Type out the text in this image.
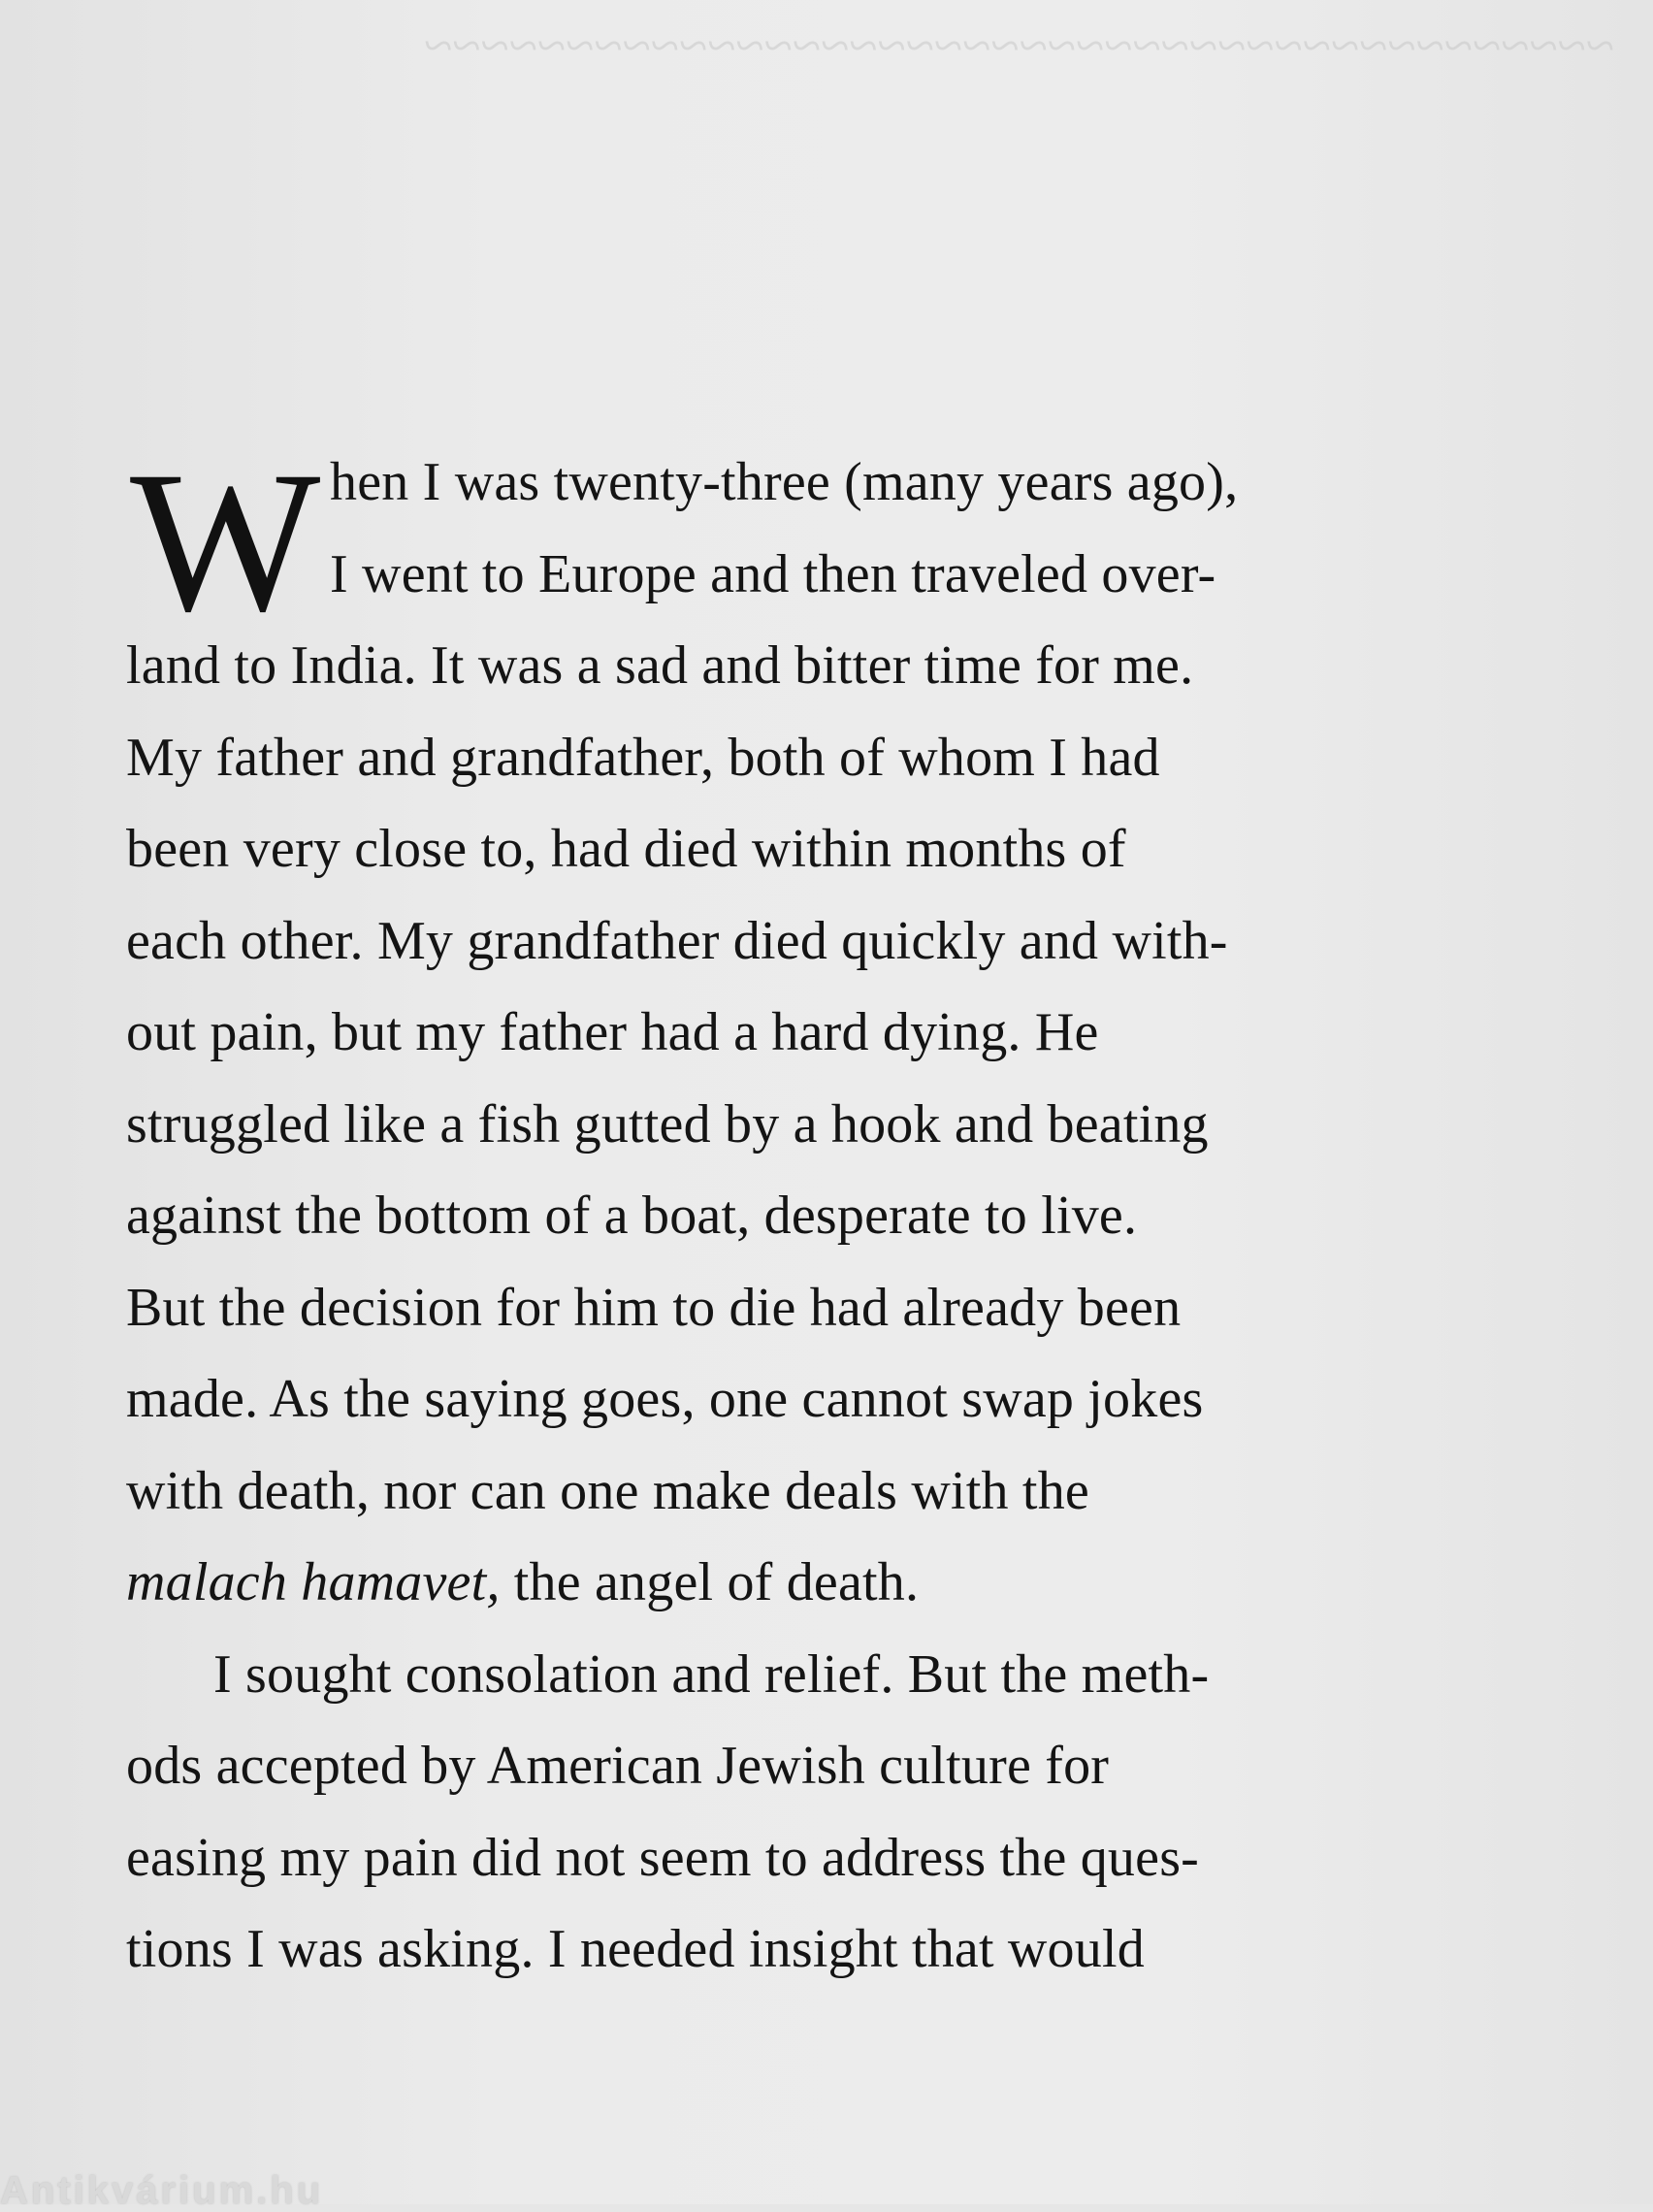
~~~~~~~~~~~~~~~~~~~~~~~~~~~~~~~~~~~~~~~~~~
W hen I was twenty-three (many years ago),
I went to Europe and then traveled over-
land to India. It was a sad and bitter time for me.
My father and grandfather, both of whom I had
been very close to, had died within months of
each other. My grandfather died quickly and with-
out pain, but my father had a hard dying. He
struggled like a fish gutted by a hook and beating
against the bottom of a boat, desperate to live.
But the decision for him to die had already been
made. As the saying goes, one cannot swap jokes
with death, nor can one make deals with the
malach hamavet, the angel of death.
I sought consolation and relief. But the meth-
ods accepted by American Jewish culture for
easing my pain did not seem to address the ques-
tions I was asking. I needed insight that would
Antikvárium.hu
